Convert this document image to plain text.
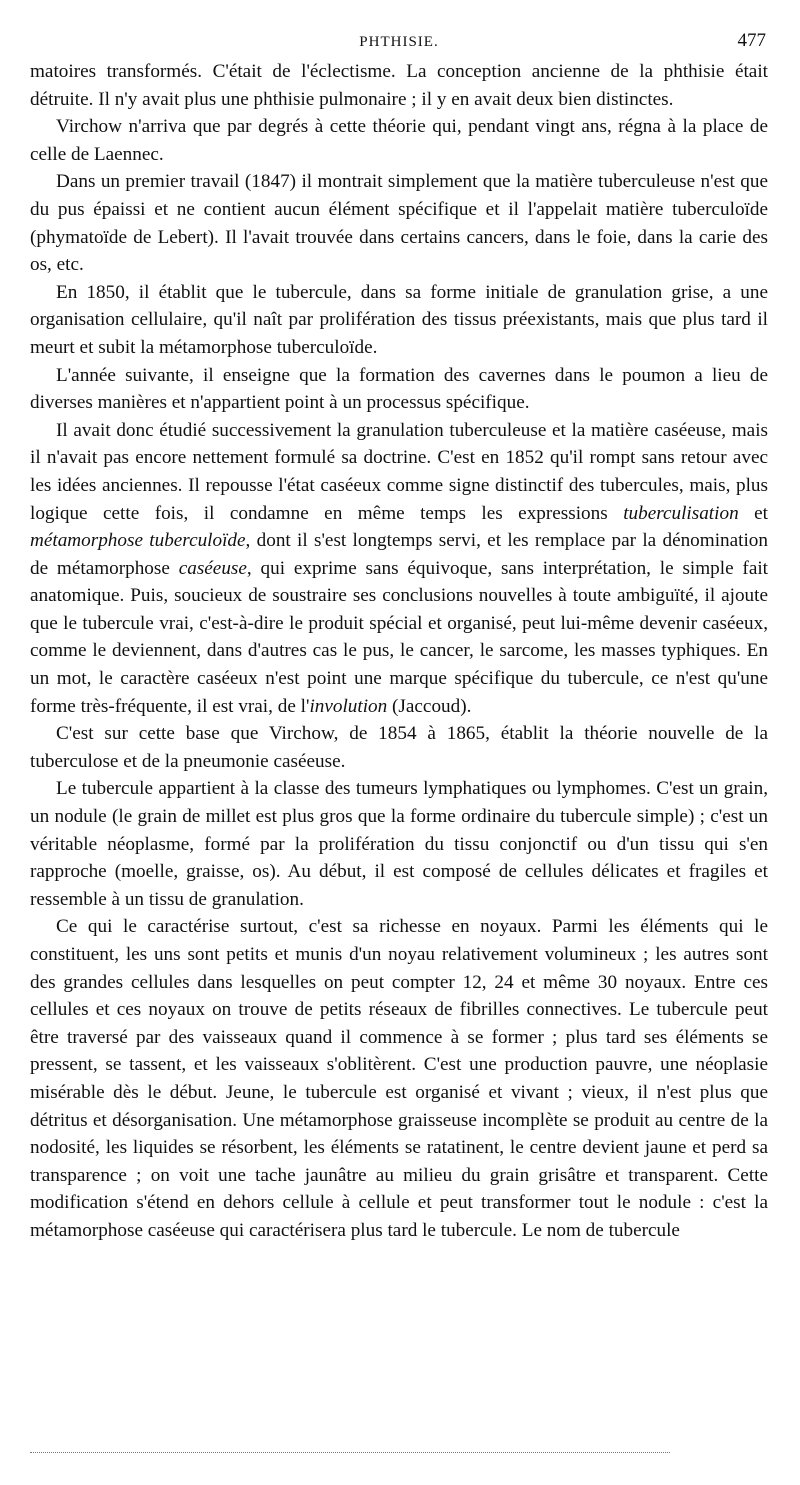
PHTHISIE.	477

matoires transformés. C'était de l'éclectisme. La conception ancienne de la phthisie était détruite. Il n'y avait plus une phthisie pulmonaire ; il y en avait deux bien distinctes.

Virchow n'arriva que par degrés à cette théorie qui, pendant vingt ans, régna à la place de celle de Laennec.

Dans un premier travail (1847) il montrait simplement que la matière tuberculeuse n'est que du pus épaissi et ne contient aucun élément spécifique et il l'appelait matière tuberculoïde (phymatoïde de Lebert). Il l'avait trouvée dans certains cancers, dans le foie, dans la carie des os, etc.

En 1850, il établit que le tubercule, dans sa forme initiale de granulation grise, a une organisation cellulaire, qu'il naît par prolifération des tissus préexistants, mais que plus tard il meurt et subit la métamorphose tuberculoïde.

L'année suivante, il enseigne que la formation des cavernes dans le poumon a lieu de diverses manières et n'appartient point à un processus spécifique.

Il avait donc étudié successivement la granulation tuberculeuse et la matière caséeuse, mais il n'avait pas encore nettement formulé sa doctrine. C'est en 1852 qu'il rompt sans retour avec les idées anciennes. Il repousse l'état caséeux comme signe distinctif des tubercules, mais, plus logique cette fois, il condamne en même temps les expressions tuberculisation et métamorphose tuberculoïde, dont il s'est longtemps servi, et les remplace par la dénomination de métamorphose caséeuse, qui exprime sans équivoque, sans interprétation, le simple fait anatomique. Puis, soucieux de soustraire ses conclusions nouvelles à toute ambiguïté, il ajoute que le tubercule vrai, c'est-à-dire le produit spécial et organisé, peut lui-même devenir caséeux, comme le deviennent, dans d'autres cas le pus, le cancer, le sarcome, les masses typhiques. En un mot, le caractère caséeux n'est point une marque spécifique du tubercule, ce n'est qu'une forme très-fréquente, il est vrai, de l'involution (Jaccoud).

C'est sur cette base que Virchow, de 1854 à 1865, établit la théorie nouvelle de la tuberculose et de la pneumonie caséeuse.

Le tubercule appartient à la classe des tumeurs lymphatiques ou lymphomes. C'est un grain, un nodule (le grain de millet est plus gros que la forme ordinaire du tubercule simple) ; c'est un véritable néoplasme, formé par la prolifération du tissu conjonctif ou d'un tissu qui s'en rapproche (moelle, graisse, os). Au début, il est composé de cellules délicates et fragiles et ressemble à un tissu de granulation.

Ce qui le caractérise surtout, c'est sa richesse en noyaux. Parmi les éléments qui le constituent, les uns sont petits et munis d'un noyau relativement volumineux ; les autres sont des grandes cellules dans lesquelles on peut compter 12, 24 et même 30 noyaux. Entre ces cellules et ces noyaux on trouve de petits réseaux de fibrilles connectives. Le tubercule peut être traversé par des vaisseaux quand il commence à se former ; plus tard ses éléments se pressent, se tassent, et les vaisseaux s'oblitèrent. C'est une production pauvre, une néoplasie misérable dès le début. Jeune, le tubercule est organisé et vivant ; vieux, il n'est plus que détritus et désorganisation. Une métamorphose graisseuse incomplète se produit au centre de la nodosité, les liquides se résorbent, les éléments se ratatinent, le centre devient jaune et perd sa transparence ; on voit une tache jaunâtre au milieu du grain grisâtre et transparent. Cette modification s'étend en dehors cellule à cellule et peut transformer tout le nodule : c'est la métamorphose caséeuse qui caractérisera plus tard le tubercule. Le nom de tubercule
